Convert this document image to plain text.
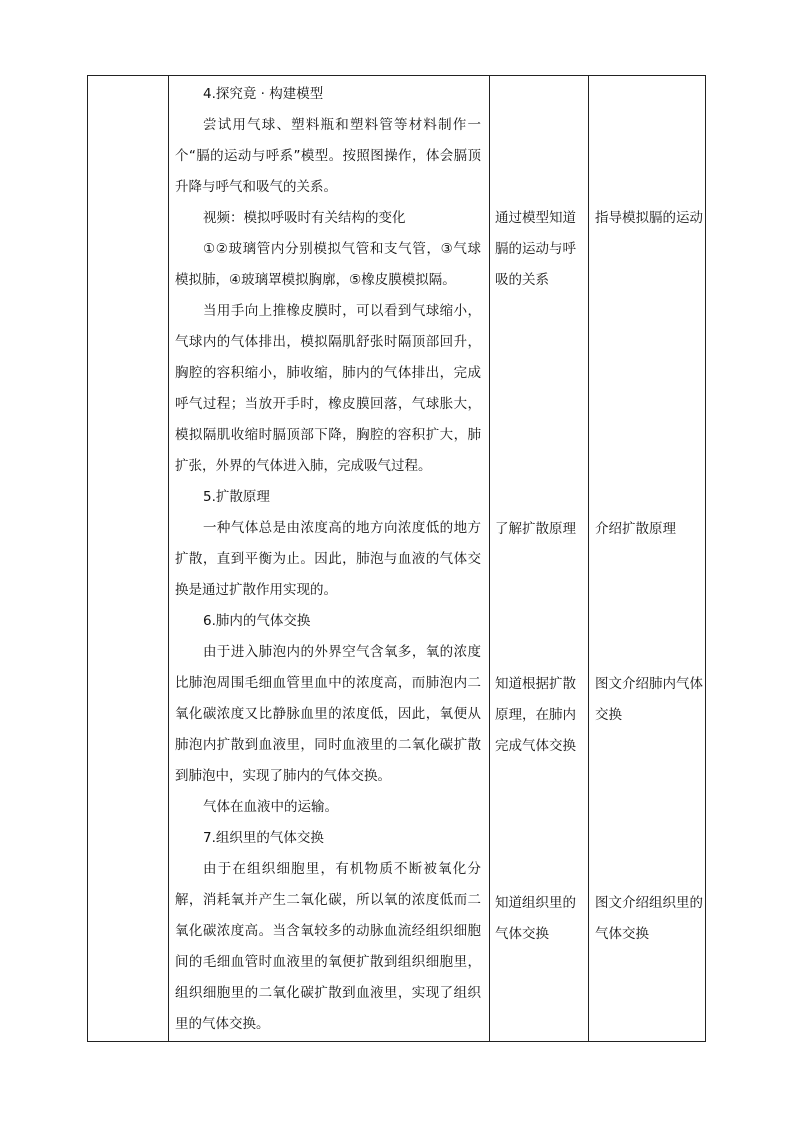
4.探究竟 · 构建模型

尝试用气球、塑料瓶和塑料管等材料制作一个“膈的运动与呼系”模型。按照图操作，体会膈顶升降与呼气和吸气的关系。

视频：模拟呼吸时有关结构的变化

①②玻璃管内分别模拟气管和支气管，③气球模拟肺，④玻璃罩模拟胸廓，⑤橡皮膜模拟隔。

当用手向上推橡皮膜时，可以看到气球缩小，气球内的气体排出，模拟隔肌舒张时隔顶部回升，胸腔的容积缩小，肺收缩，肺内的气体排出，完成呼气过程；当放开手时，橡皮膜回落，气球胀大，模拟隔肌收缩时膈顶部下降，胸腔的容积扩大，肺扩张，外界的气体进入肺，完成吸气过程。

5.扩散原理

一种气体总是由浓度高的地方向浓度低的地方扩散，直到平衡为止。因此，肺泡与血液的气体交换是通过扩散作用实现的。

6.肺内的气体交换

由于进入肺泡内的外界空气含氧多，氧的浓度比肺泡周围毛细血管里血中的浓度高，而肺泡内二氧化碳浓度又比静脉血里的浓度低，因此，氧便从肺泡内扩散到血液里，同时血液里的二氧化碳扩散到肺泡中，实现了肺内的气体交换。

气体在血液中的运输。

7.组织里的气体交换

由于在组织细胞里，有机物质不断被氧化分解，消耗氧并产生二氧化碳，所以氧的浓度低而二氧化碳浓度高。当含氧较多的动脉血流经组织细胞间的毛细血管时血液里的氧便扩散到组织细胞里，组织细胞里的二氧化碳扩散到血液里，实现了组织里的气体交换。

通过模型知道膈的运动与呼吸的关系

了解扩散原理

知道根据扩散原理，在肺内完成气体交换

知道组织里的气体交换

指导模拟膈的运动

介绍扩散原理

图文介绍肺内气体交换

图文介绍组织里的气体交换
